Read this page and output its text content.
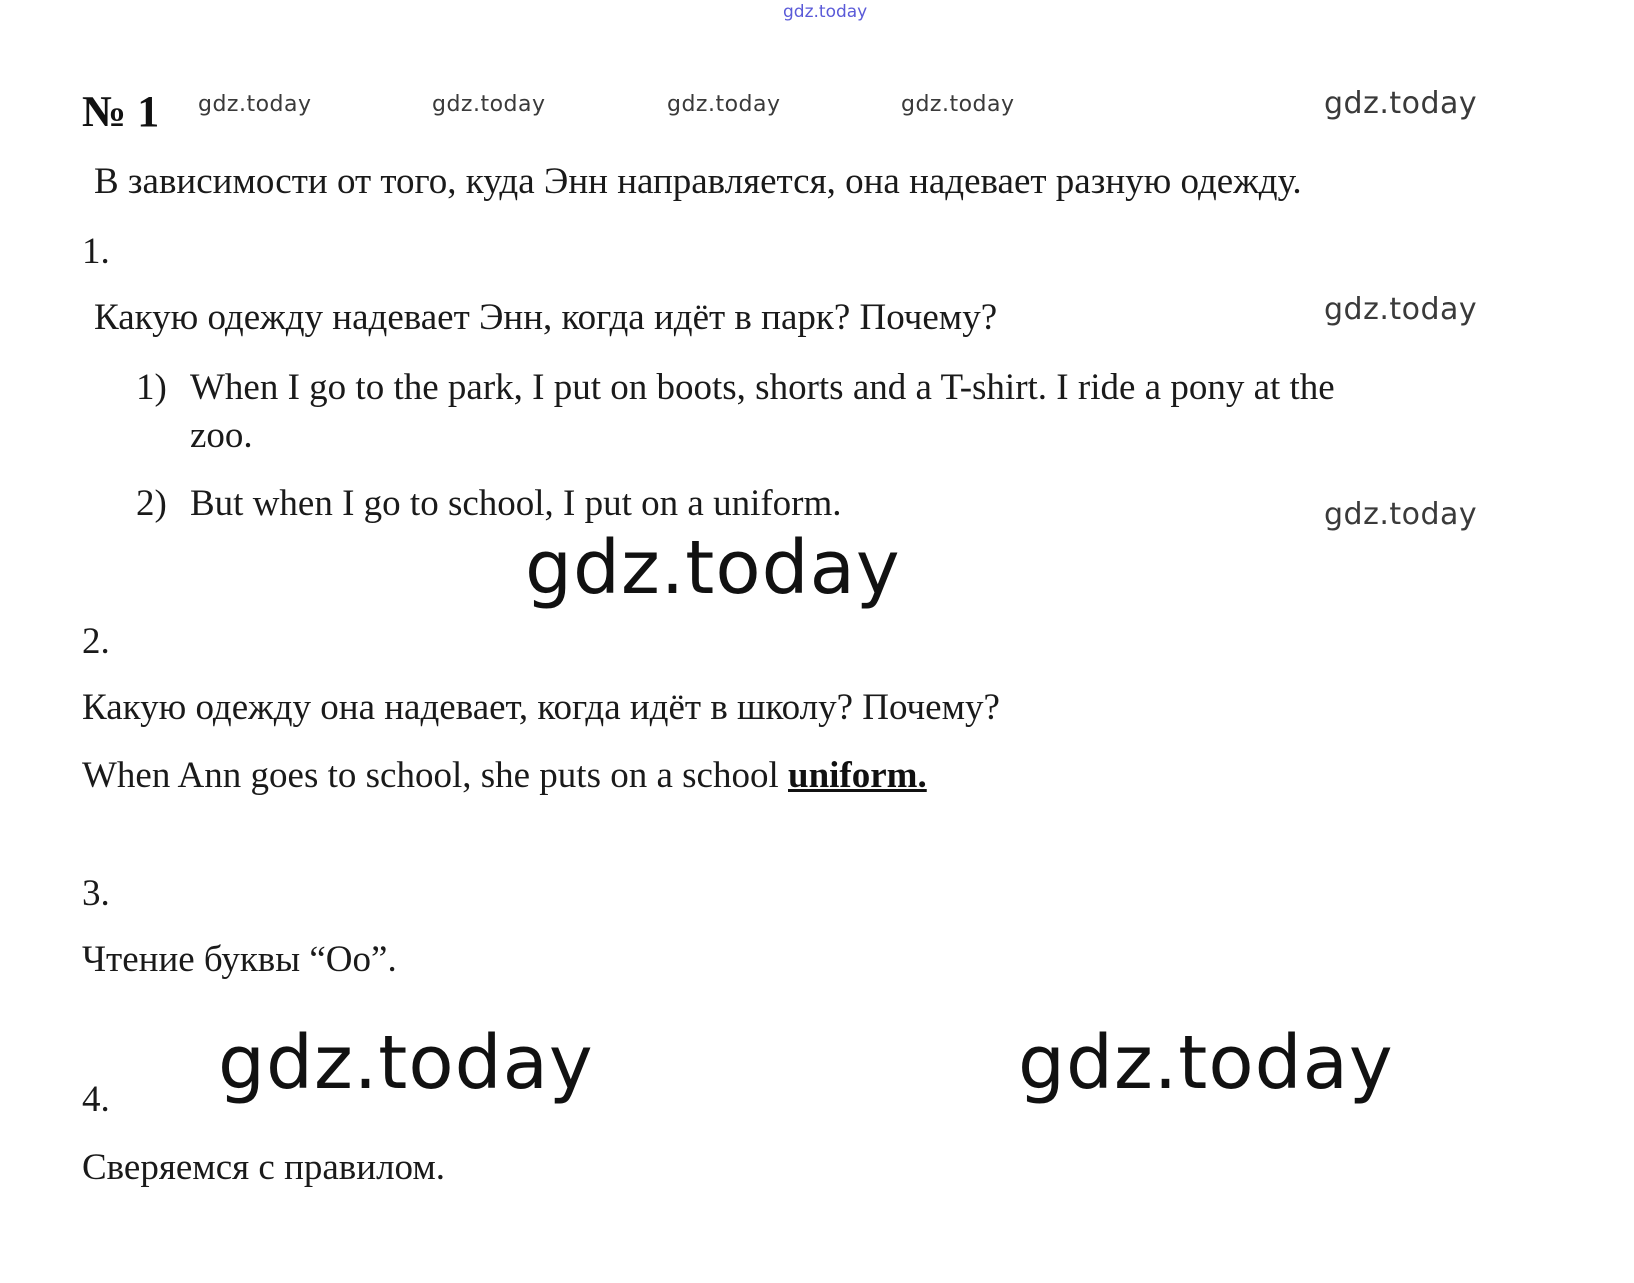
gdz.today
gdz.today	gdz.today	gdz.today	gdz.today	gdz.today
gdz.today
gdz.today
gdz.today
gdz.today	gdz.today
№ 1
В зависимости от того, куда Энн направляется, она надевает разную одежду.
1.
Какую одежду надевает Энн, когда идёт в парк? Почему?
1) When I go to the park, I put on boots, shorts and a T-shirt. I ride a pony at the
zoo.
2) But when I go to school, I put on a uniform.
2.
Какую одежду она надевает, когда идёт в школу? Почему?
When Ann goes to school, she puts on a school uniform.
3.
Чтение буквы “Оо”.
4.
Сверяемся с правилом.
